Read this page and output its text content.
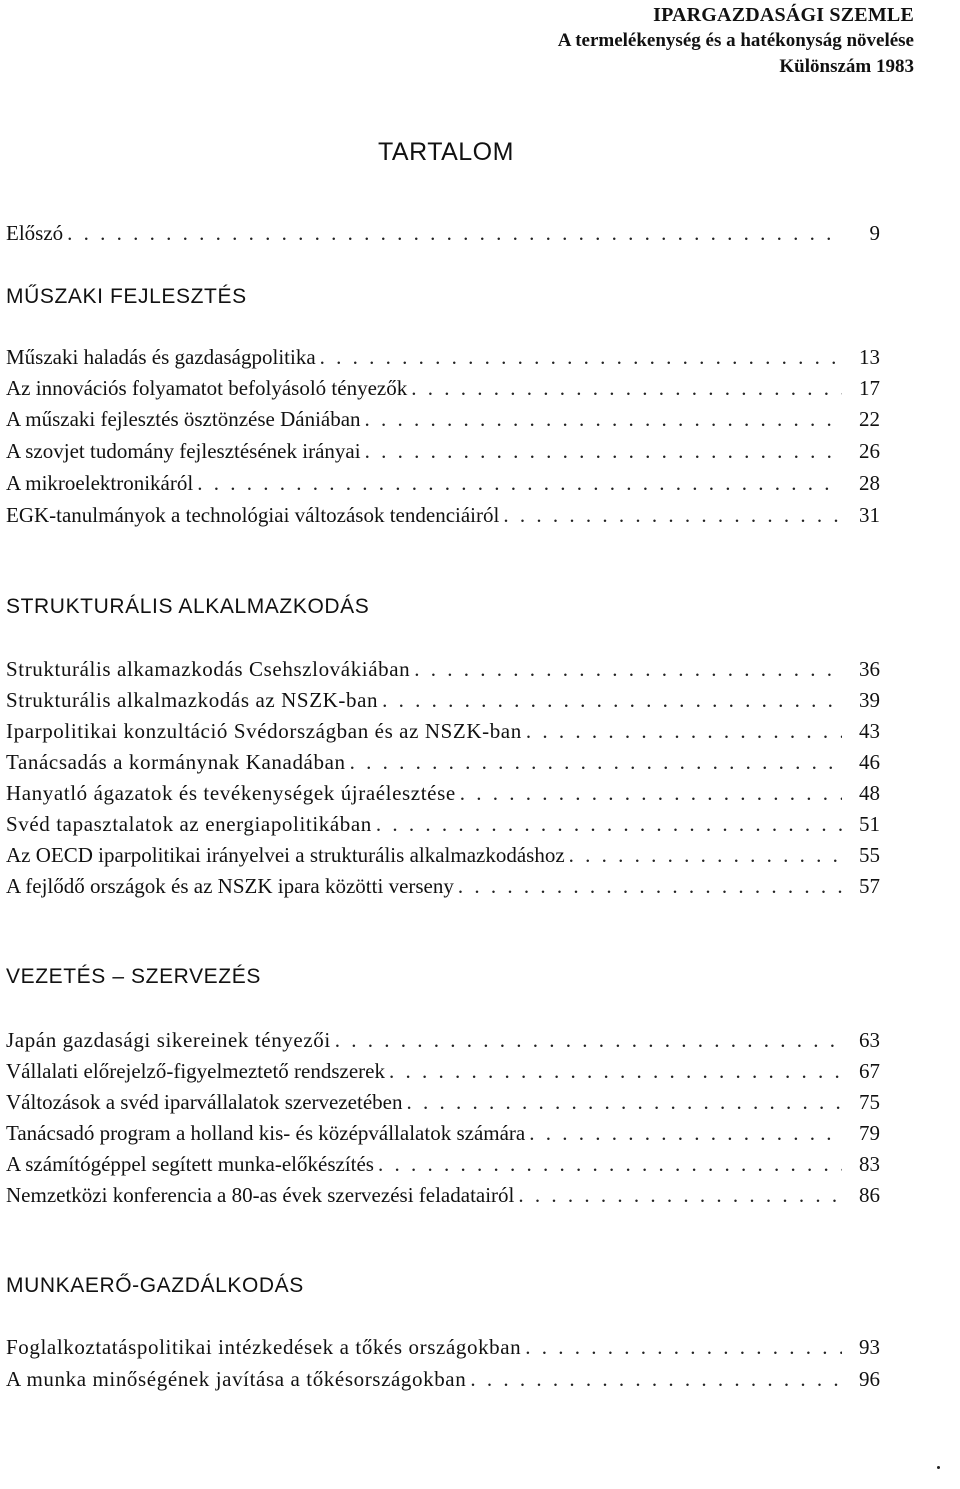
IPARGAZDASÁGI SZEMLE
A termelékenység és a hatékonyság növelése
Különszám 1983
TARTALOM
Előszó . . .	9
MŰSZAKI FEJLESZTÉS
Műszaki haladás és gazdaságpolitika . . .	13
Az innovációs folyamatot befolyásoló tényezők . . .	17
A műszaki fejlesztés ösztönzése Dániában . . .	22
A szovjet tudomány fejlesztésének irányai . . .	26
A mikroelektronikáról . . .	28
EGK-tanulmányok a technológiai változások tendenciáiról . . .	31
STRUKTURÁLIS ALKALMAZKODÁS
Strukturális alkamazkodás Csehszlovákiában . . .	36
Strukturális alkalmazkodás az NSZK-ban . . .	39
Iparpolitikai konzultáció Svédországban és az NSZK-ban . . .	43
Tanácsadás a kormánynak Kanadában . . .	46
Hanyatló ágazatok és tevékenységek újraélesztése . . .	48
Svéd tapasztalatok az energiapolitikában . . .	51
Az OECD iparpolitikai irányelvei a strukturális alkalmazkodáshoz . . .	55
A fejlődő országok és az NSZK ipara közötti verseny . . .	57
VEZETÉS – SZERVEZÉS
Japán gazdasági sikereinek tényezői . . .	63
Vállalati előrejelző-figyelmeztető rendszerek . . .	67
Változások a svéd iparvállalatok szervezetében . . .	75
Tanácsadó program a holland kis- és középvállalatok számára . . .	79
A számítógéppel segített munka-előkészítés . . .	83
Nemzetközi konferencia a 80-as évek szervezési feladatairól . . .	86
MUNKAERŐ-GAZDÁLKODÁS
Foglalkoztatáspolitikai intézkedések a tőkés országokban . . .	93
A munka minőségének javítása a tőkésországokban . . .	96
